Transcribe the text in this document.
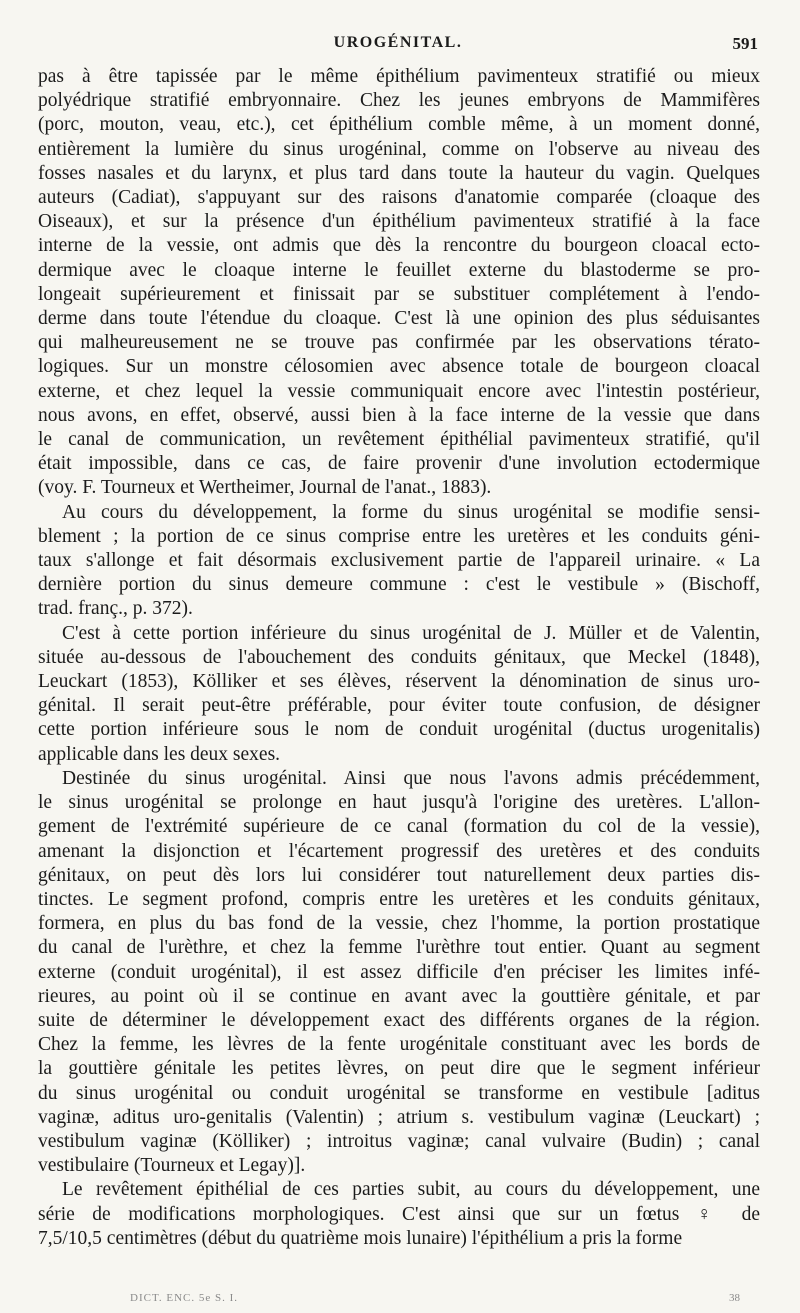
UROGÉNITAL.	591
pas à être tapissée par le même épithélium pavimenteux stratifié ou mieux
polyédrique stratifié embryonnaire. Chez les jeunes embryons de Mammifères
(porc, mouton, veau, etc.), cet épithélium comble même, à un moment donné,
entièrement la lumière du sinus urogéninal, comme on l'observe au niveau des
fosses nasales et du larynx, et plus tard dans toute la hauteur du vagin. Quelques
auteurs (Cadiat), s'appuyant sur des raisons d'anatomie comparée (cloaque des
Oiseaux), et sur la présence d'un épithélium pavimenteux stratifié à la face
interne de la vessie, ont admis que dès la rencontre du bourgeon cloacal ecto-
dermique avec le cloaque interne le feuillet externe du blastoderme se pro-
longeait supérieurement et finissait par se substituer complétement à l'endo-
derme dans toute l'étendue du cloaque. C'est là une opinion des plus séduisantes
qui malheureusement ne se trouve pas confirmée par les observations tératо-
logiques. Sur un monstre célosomien avec absence totale de bourgeon cloacal
externe, et chez lequel la vessie communiquait encore avec l'intestin postérieur,
nous avons, en effet, observé, aussi bien à la face interne de la vessie que dans
le canal de communication, un revêtement épithélial pavimenteux stratifié, qu'il
était impossible, dans ce cas, de faire provenir d'une involution ectodermique
(voy. F. Tourneux et Wertheimer, Journal de l'anat., 1883).
Au cours du développement, la forme du sinus urogénital se modifie sensi-
blement ; la portion de ce sinus comprise entre les uretères et les conduits géni-
taux s'allonge et fait désormais exclusivement partie de l'appareil urinaire. « La
dernière portion du sinus demeure commune : c'est le vestibule » (Bischoff,
trad. franç., p. 372).
C'est à cette portion inférieure du sinus urogénital de J. Müller et de Valentin,
située au-dessous de l'abouchement des conduits génitaux, que Meckel (1848),
Leuckart (1853), Kölliker et ses élèves, réservent la dénomination de sinus uro-
génital. Il serait peut-être préférable, pour éviter toute confusion, de désigner
cette portion inférieure sous le nom de conduit urogénital (ductus urogenitalis)
applicable dans les deux sexes.
Destinée du sinus urogénital. Ainsi que nous l'avons admis précédemment,
le sinus urogénital se prolonge en haut jusqu'à l'origine des uretères. L'allon-
gement de l'extrémité supérieure de ce canal (formation du col de la vessie),
amenant la disjonction et l'écartement progressif des uretères et des conduits
génitaux, on peut dès lors lui considérer tout naturellement deux parties dis-
tinctes. Le segment profond, compris entre les uretères et les conduits génitaux,
formera, en plus du bas fond de la vessie, chez l'homme, la portion prostatique
du canal de l'urèthre, et chez la femme l'urèthre tout entier. Quant au segment
externe (conduit urogénital), il est assez difficile d'en préciser les limites infé-
rieures, au point où il se continue en avant avec la gouttière génitale, et par
suite de déterminer le développement exact des différents organes de la région.
Chez la femme, les lèvres de la fente urogénitale constituant avec les bords de
la gouttière génitale les petites lèvres, on peut dire que le segment inférieur
du sinus urogénital ou conduit urogénital se transforme en vestibule [aditus
vaginæ, aditus uro-genitalis (Valentin) ; atrium s. vestibulum vaginæ (Leuckart) ;
vestibulum vaginæ (Kölliker) ; introitus vaginæ; canal vulvaire (Budin) ; canal
vestibulaire (Tourneux et Legay)].
Le revêtement épithélial de ces parties subit, au cours du développement, une
série de modifications morphologiques. C'est ainsi que sur un fœtus ♀ de
7,5/10,5 centimètres (début du quatrième mois lunaire) l'épithélium a pris la forme
DICT. ENC. 5e S. I.	38
